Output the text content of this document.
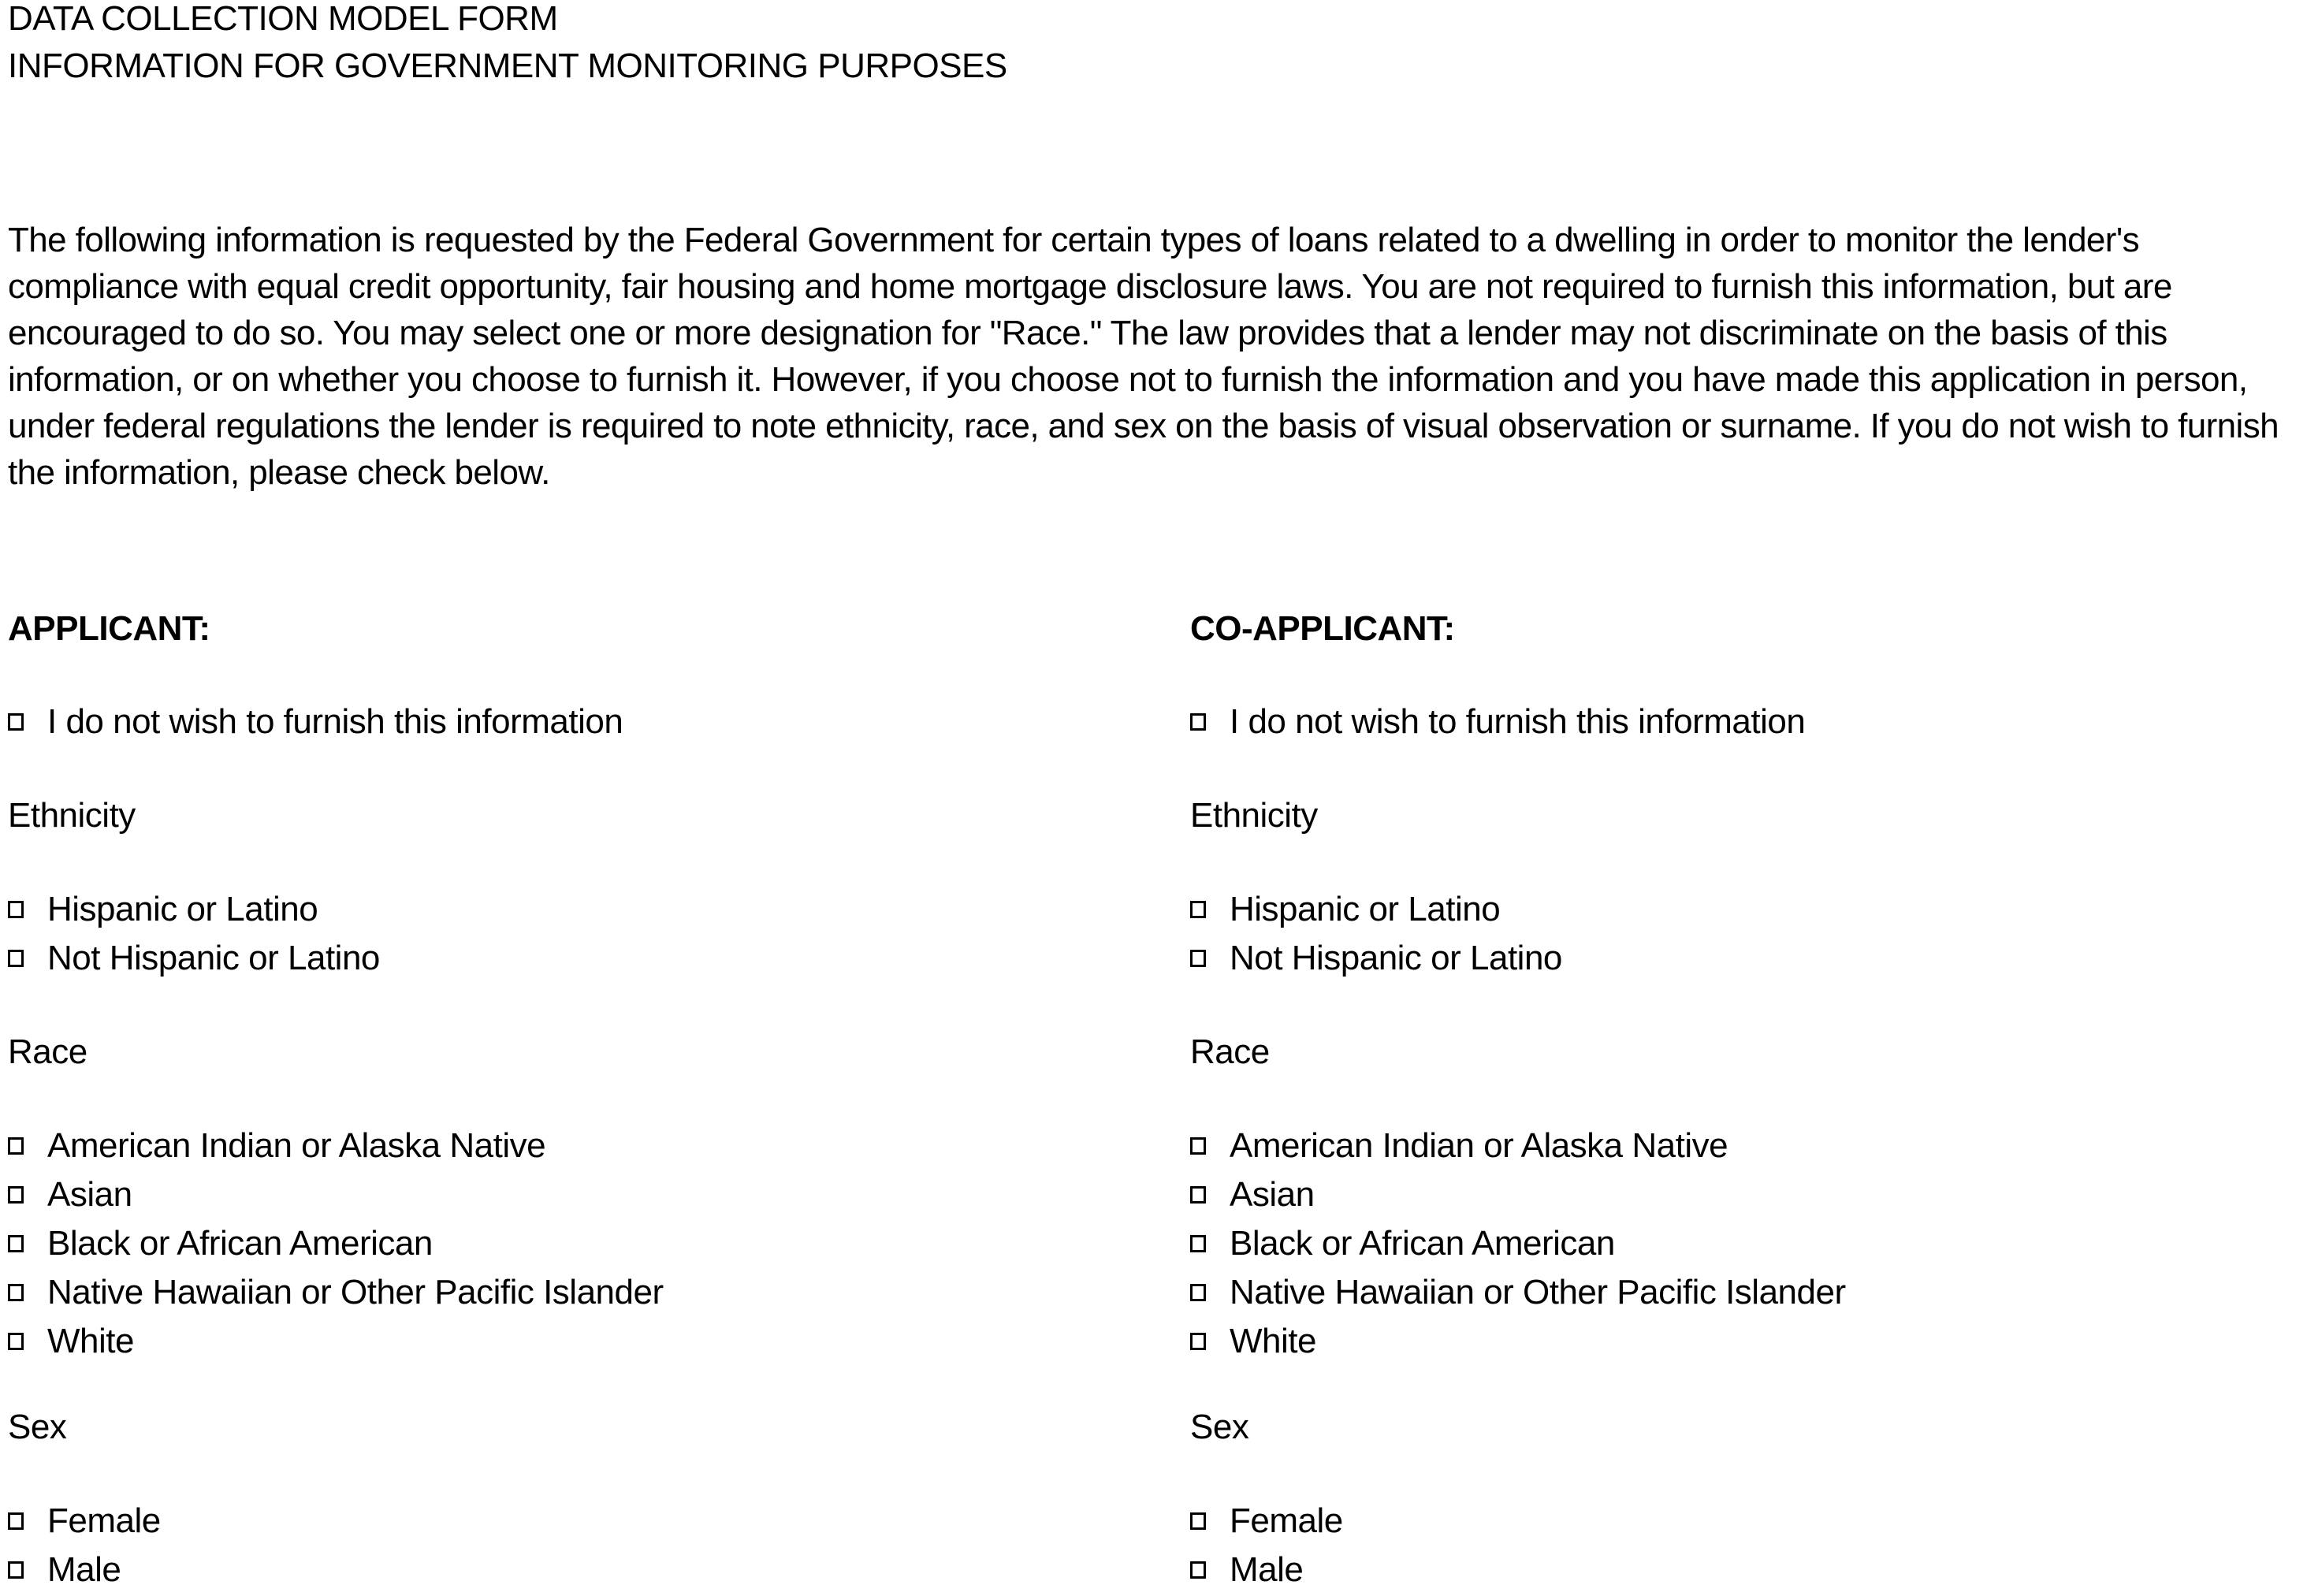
DATA COLLECTION MODEL FORM
INFORMATION FOR GOVERNMENT MONITORING PURPOSES

The following information is requested by the Federal Government for certain types of loans related to a dwelling in order to monitor the lender's compliance with equal credit opportunity, fair housing and home mortgage disclosure laws. You are not required to furnish this information, but are encouraged to do so. You may select one or more designation for "Race." The law provides that a lender may not discriminate on the basis of this information, or on whether you choose to furnish it. However, if you choose not to furnish the information and you have made this application in person, under federal regulations the lender is required to note ethnicity, race, and sex on the basis of visual observation or surname. If you do not wish to furnish the information, please check below.

APPLICANT:
I do not wish to furnish this information
Ethnicity
Hispanic or Latino
Not Hispanic or Latino
Race
American Indian or Alaska Native
Asian
Black or African American
Native Hawaiian or Other Pacific Islander
White
Sex
Female
Male
CO-APPLICANT:
I do not wish to furnish this information
Ethnicity
Hispanic or Latino
Not Hispanic or Latino
Race
American Indian or Alaska Native
Asian
Black or African American
Native Hawaiian or Other Pacific Islander
White
Sex
Female
Male
